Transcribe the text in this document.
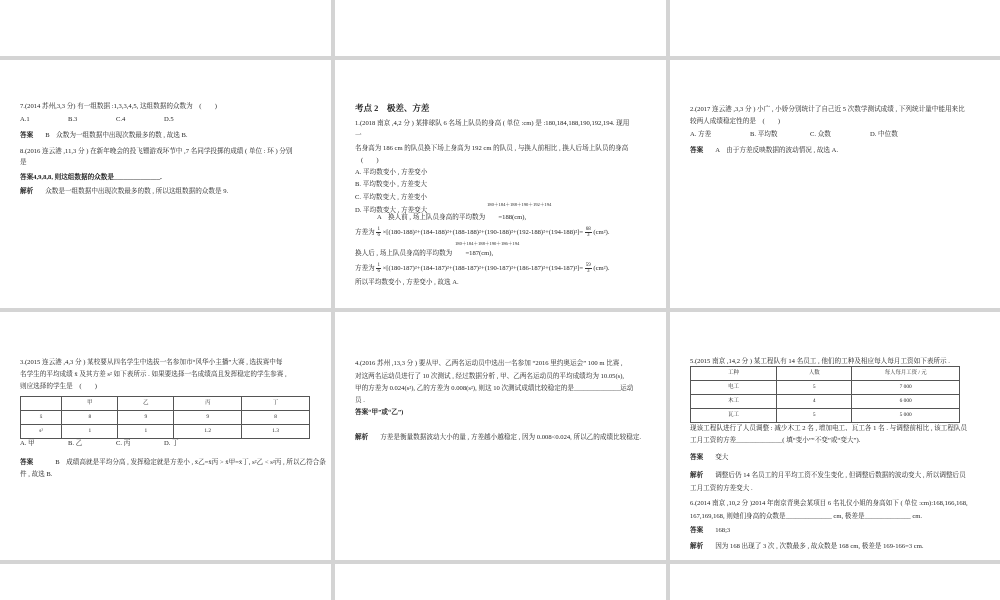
7.(2014 苏州,3,3 分) 有一组数据 :1,3,3,4,5, 这组数据的众数为　(　　)
A.1	B.3	C.4	D.5
答案 B　众数为一组数据中出现次数最多的数 , 故选 B.
8.(2016 连云港 ,11,3 分 ) 在新年晚会的投飞镖游戏环节中 ,7 名同学投掷的成绩 ( 单位 : 环 ) 分别
是
答案4,9,8,8, 则这组数据的众数是______________.
解析 众数是一组数据中出现次数最多的数 , 所以这组数据的众数是 9.
考点 2　极差、方差
1.(2018 南京 ,4,2 分 ) 某排球队 6 名场上队员的身高 ( 单位 :cm) 是 :180,184,188,190,192,194. 现用
一
名身高为 186 cm 的队员换下场上身高为 192 cm 的队员 , 与换人前相比 , 换人后场上队员的身高
(　　)
A. 平均数变小 , 方差变小
B. 平均数变小 , 方差变大
C. 平均数变大 , 方差变小
D. 平均数变大 , 方差变大
180＋184＋188＋190＋192＋194
A　换人前 , 场上队员身高的平均数为　　=188(cm),
方差为 $\frac{1}{6} \times[(180-188)^2+(184-188)^2+(188-188)^2+(190-188)^2+(192-188)^2+(194-188)^2]= \frac{68}{3} (cm^2)$.
180＋184＋188＋190＋186＋194
换人后 , 场上队员身高的平均数为　　=187(cm),
方差为 $\frac{1}{6} \times[(180-187)^2+(184-187)^2+(188-187)^2+(190-187)^2+(186-187)^2+(194-187)^2]= \frac{59}{3} (cm^2)$.
所以平均数变小 , 方差变小 , 故选 A.
2.(2017 连云港 ,3,3 分 ) 小广 , 小娇分别统计了自己近 5 次数学测试成绩 , 下列统计量中能用来比
较两人成绩稳定性的是　(　　)
A. 方差	B. 平均数	C. 众数	D. 中位数
答案 A　由于方差反映数据的波动情况 , 故选 A.
3.(2015 连云港 ,4,3 分 ) 某校要从四名学生中选拔一名参加市“风华小主播”大赛 , 选拔赛中每
名学生的平均成绩 x̄ 及其方差 s² 如下表所示 . 如果要选择一名成绩高且发挥稳定的学生参赛 ,
则应选择的学生是　(　　)
	甲	乙	丙	丁
x̄	8	9	9	8
s²	1	1	1.2	1.3
A. 甲	B. 乙	C. 丙	D. 丁
答案	B　成绩高就是平均分高 , 发挥稳定就是方差小 , x̄乙=x̄丙 > x̄甲=x̄丁, s²乙 < s²丙 , 所以乙符合条
件 , 故选 B.
4.(2016 苏州 ,13,3 分 ) 要从甲、乙两名运动员中选出一名参加 “2016 里约奥运会” 100 m 比赛 ,
对这两名运动员进行了 10 次测试 , 经过数据分析 , 甲、乙两名运动员的平均成绩均为 10.05(s),
甲的方差为 0.024(s²), 乙的方差为 0.008(s²), 则这 10 次测试成绩比较稳定的是______________运动
员 .
答案“甲”或“乙”)
解析 方差是衡量数据波动大小的量 , 方差越小越稳定 , 因为 0.008<0.024, 所以乙的成绩比较稳定.
5.(2015 南京 ,14,2 分 ) 某工程队有 14 名员工 , 他们的工种及相应每人每月工资如下表所示 .
工种	人数	每人每月工资 / 元
电工	5	7 000
木工	4	6 000
瓦工	5	5 000
现该工程队进行了人员调整 : 减少木工 2 名 , 增加电工、瓦工各 1 名 . 与调整前相比 , 该工程队员
工月工资的方差______________( 填“变小”“不变”或“变大”).
答案 变大
解析 调整后仍 14 名员工的月平均工资不发生变化 , 但调整后数据的波动变大 , 所以调整后员
工月工资的方差变大 .
6.(2014 南京 ,10,2 分 )2014 年南京青奥会某项目 6 名礼仪小姐的身高如下 ( 单位 :cm):168,166,168,
167,169,168, 则她们身高的众数是______________ cm, 极差是______________ cm.
答案 168;3
解析 因为 168 出现了 3 次 , 次数最多 , 故众数是 168 cm, 极差是 169-166=3 cm.
